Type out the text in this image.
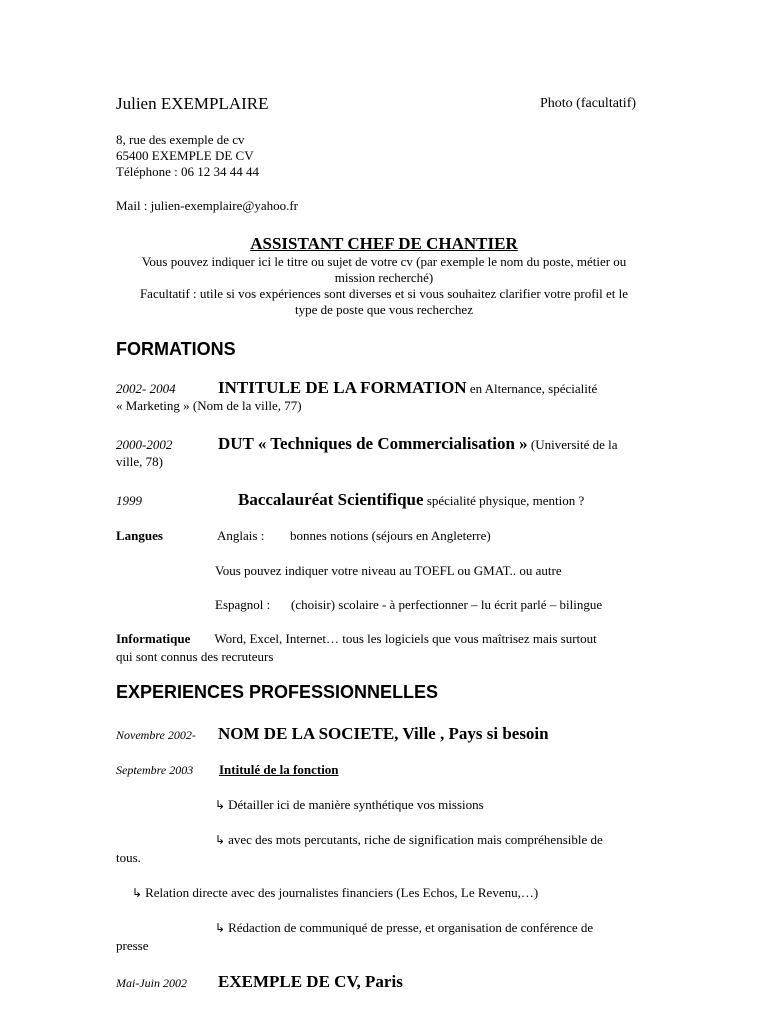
Julien EXEMPLAIRE	Photo (facultatif)
8, rue des exemple de cv
65400 EXEMPLE DE CV
Téléphone : 06 12 34 44 44
Mail : julien-exemplaire@yahoo.fr
ASSISTANT CHEF DE CHANTIER
Vous pouvez indiquer ici le titre ou sujet de votre cv (par exemple le nom du poste, métier ou
mission recherché)
Facultatif : utile si vos expériences sont diverses et si vous souhaitez clarifier votre profil et le
type de poste que vous recherchez
FORMATIONS
2002- 2004 INTITULE DE LA FORMATION en Alternance, spécialité
« Marketing » (Nom de la ville, 77)
2000-2002	DUT « Techniques de Commercialisation » (Université de la
ville, 78)
1999	Baccalauréat Scientifique spécialité physique, mention ?
Langues	Anglais : bonnes notions (séjours en Angleterre)
Vous pouvez indiquer votre niveau au TOEFL ou GMAT.. ou autre
Espagnol : (choisir) scolaire - à perfectionner – lu écrit parlé – bilingue
Informatique Word, Excel, Internet… tous les logiciels que vous maîtrisez mais surtout
qui sont connus des recruteurs
EXPERIENCES PROFESSIONNELLES
Novembre 2002- NOM DE LA SOCIETE, Ville , Pays si besoin
Septembre 2003 Intitulé de la fonction
↳ Détailler ici de manière synthétique vos missions
↳ avec des mots percutants, riche de signification mais compréhensible de
tous.
↳ Relation directe avec des journalistes financiers (Les Echos, Le Revenu,…)
↳ Rédaction de communiqué de presse, et organisation de conférence de
presse
Mai-Juin 2002 EXEMPLE DE CV, Paris
